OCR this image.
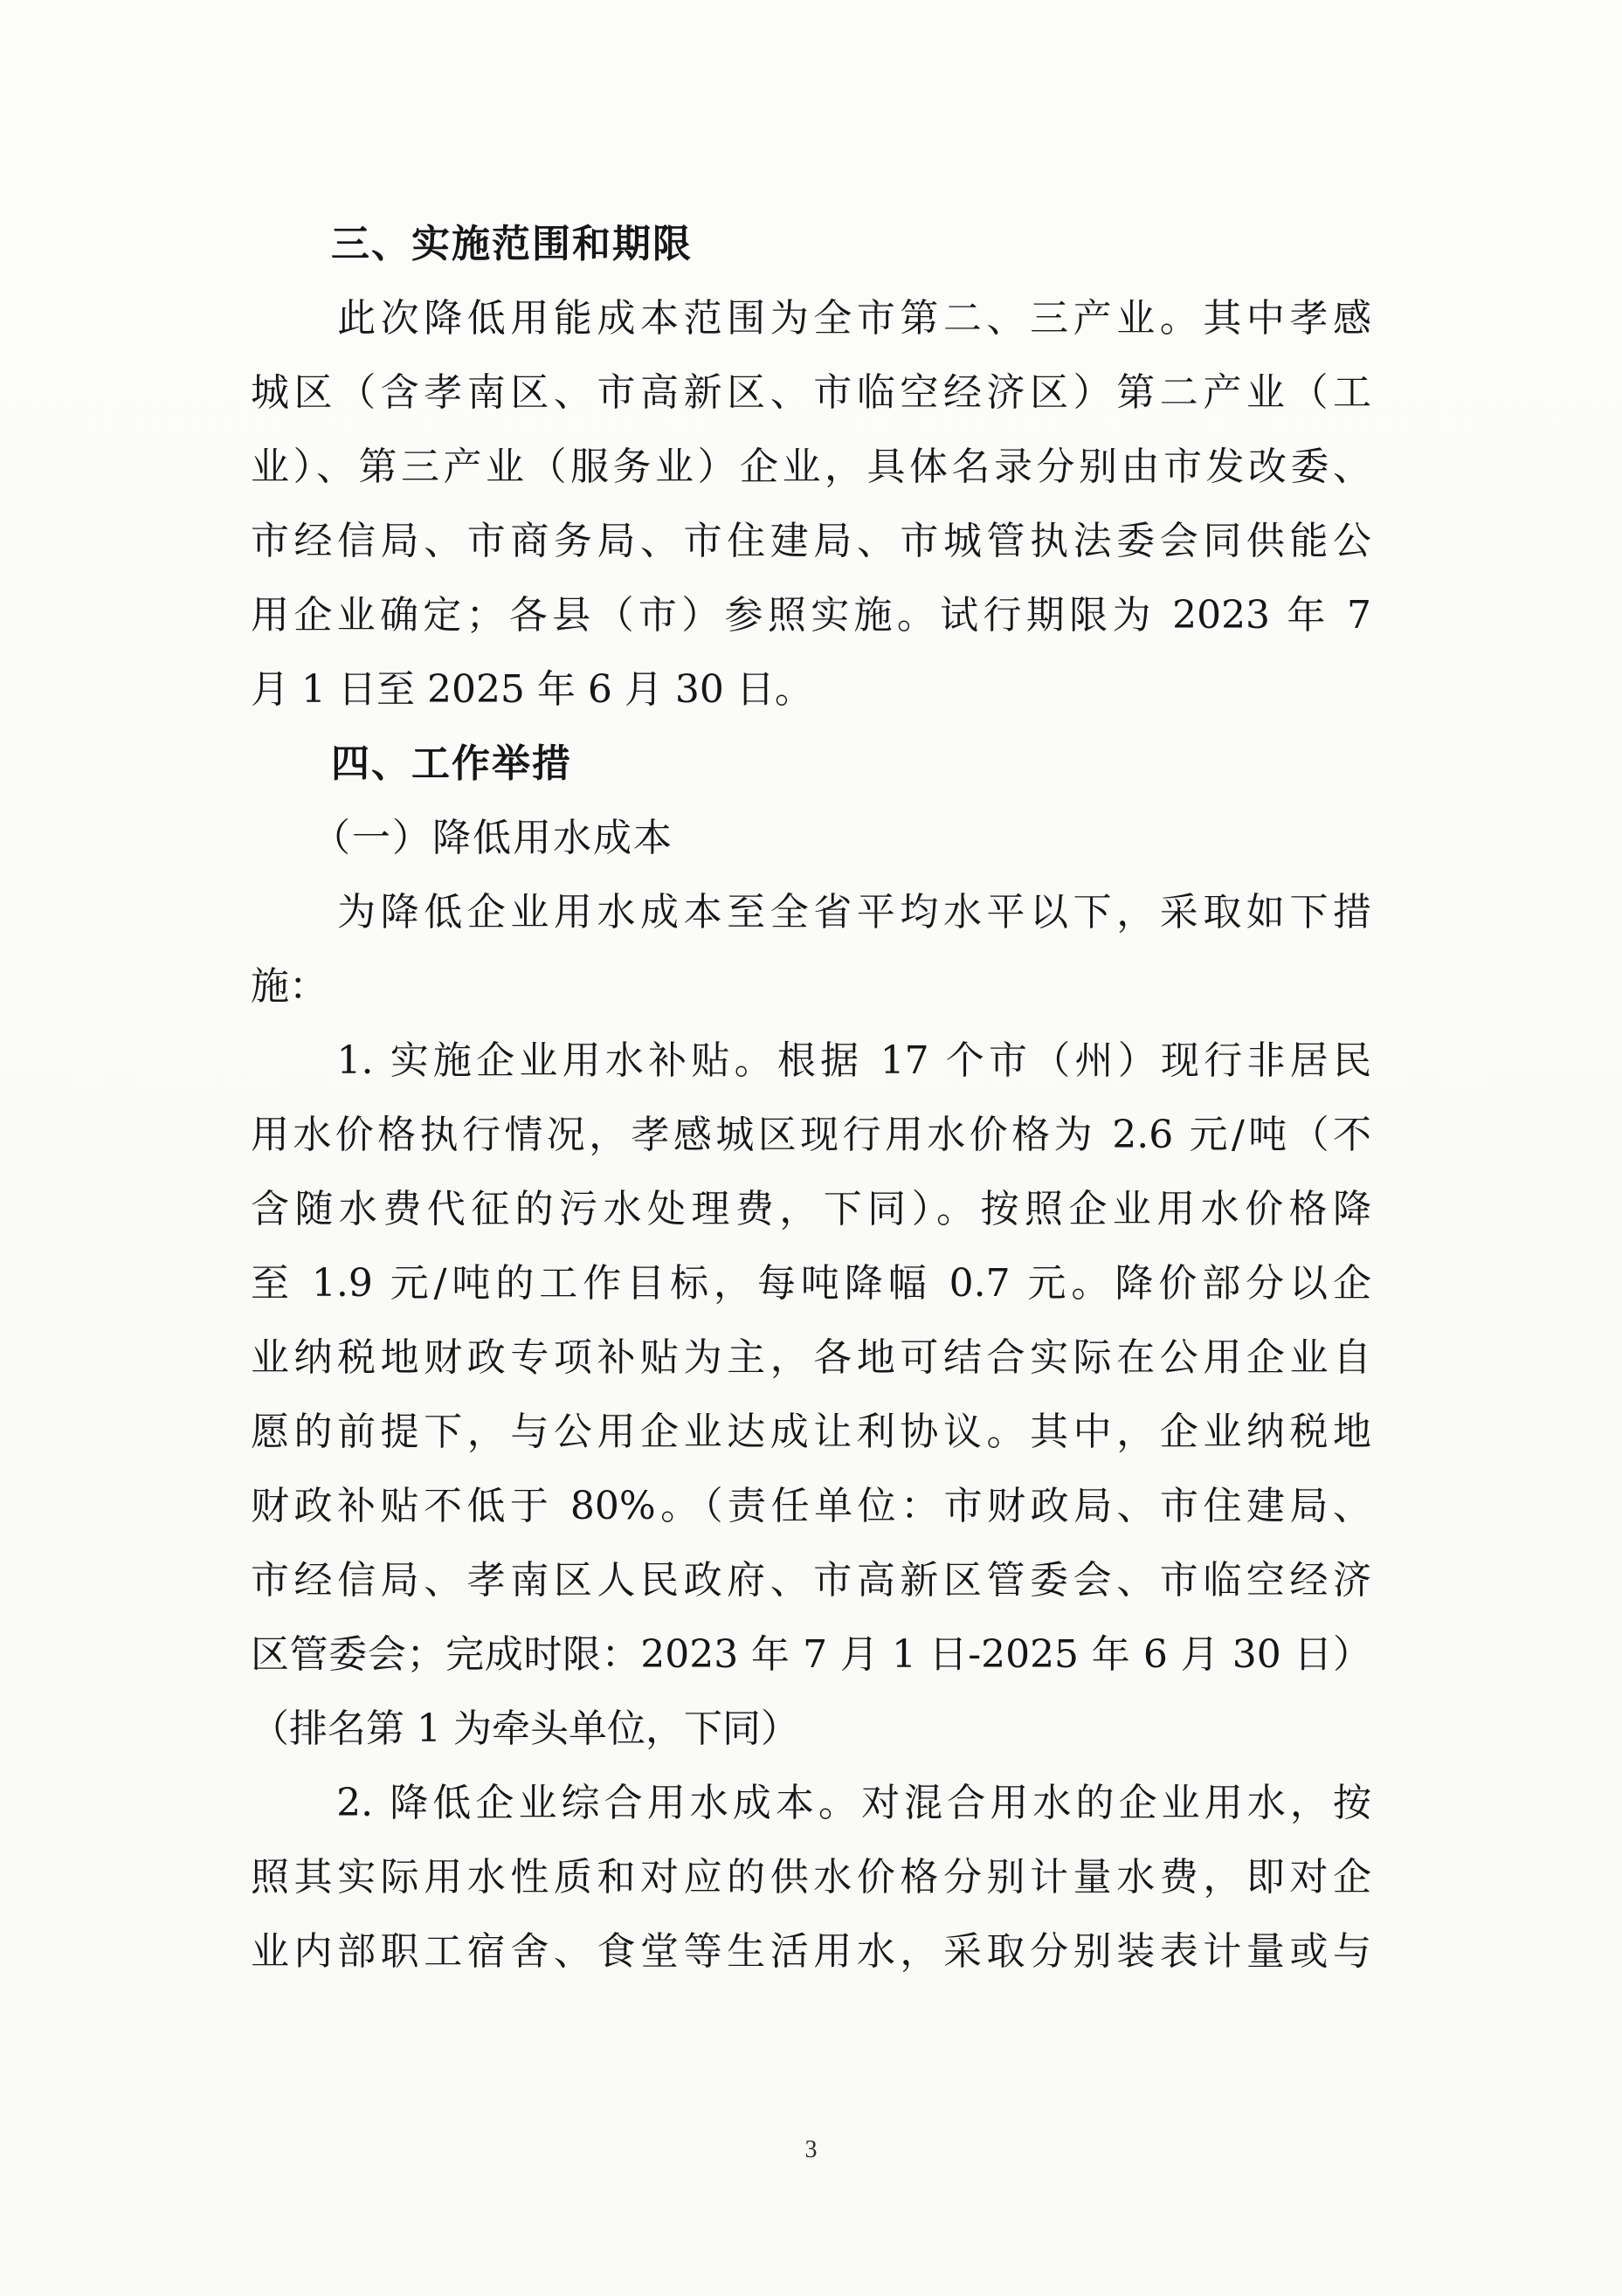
　　三、实施范围和期限
　　此次降低用能成本范围为全市第二、三产业。其中孝感
城区（含孝南区、市高新区、市临空经济区）第二产业（工
业）、第三产业（服务业）企业，具体名录分别由市发改委、
市经信局、市商务局、市住建局、市城管执法委会同供能公
用企业确定；各县（市）参照实施。试行期限为 2023 年 7
月 1 日至 2025 年 6 月 30 日。
　　四、工作举措
　　（一）降低用水成本
　　为降低企业用水成本至全省平均水平以下，采取如下措
施：
　　1. 实施企业用水补贴。根据 17 个市（州）现行非居民
用水价格执行情况，孝感城区现行用水价格为 2.6 元/吨（不
含随水费代征的污水处理费，下同）。按照企业用水价格降
至 1.9 元/吨的工作目标，每吨降幅 0.7 元。降价部分以企
业纳税地财政专项补贴为主，各地可结合实际在公用企业自
愿的前提下，与公用企业达成让利协议。其中，企业纳税地
财政补贴不低于 80%。（责任单位：市财政局、市住建局、
市经信局、孝南区人民政府、市高新区管委会、市临空经济
区管委会；完成时限：2023 年 7 月 1 日-2025 年 6 月 30 日）
（排名第 1 为牵头单位，下同）
　　2. 降低企业综合用水成本。对混合用水的企业用水，按
照其实际用水性质和对应的供水价格分别计量水费，即对企
业内部职工宿舍、食堂等生活用水，采取分别装表计量或与
3
